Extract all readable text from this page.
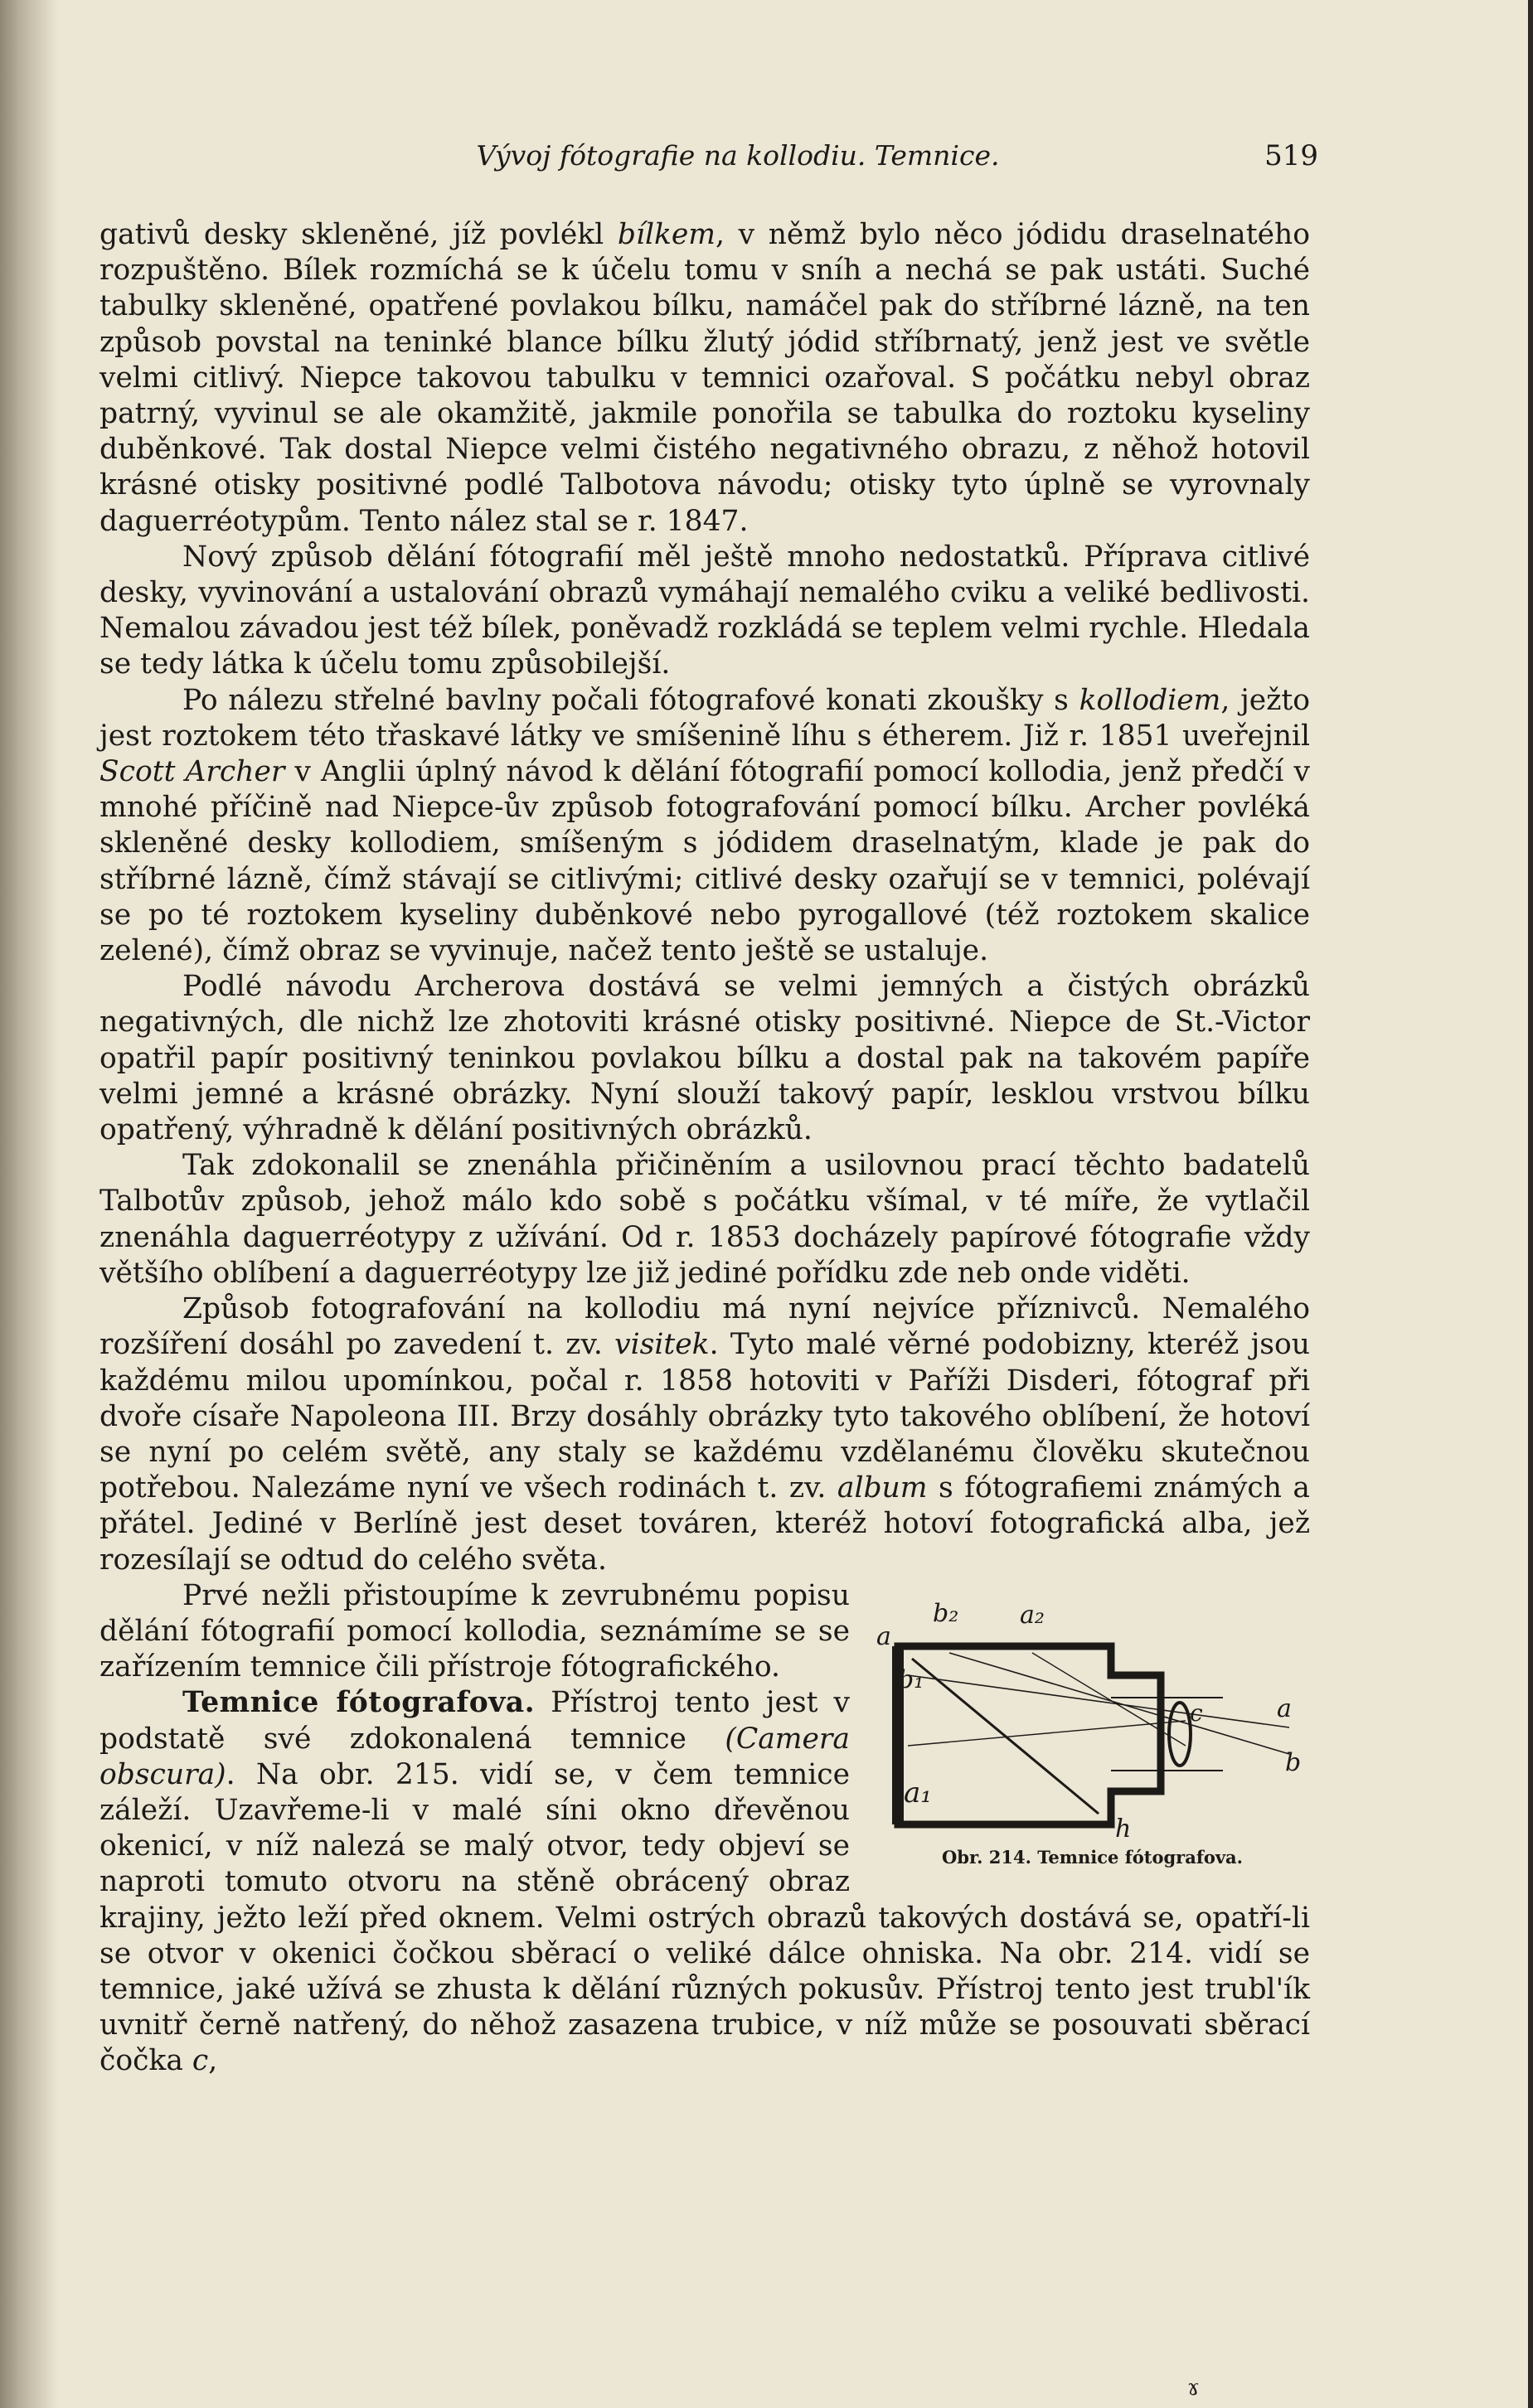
Vývoj fótografie na kollodiu. Temnice.	519

gativů desky skleněné, jíž povlékl bílkem, v němž bylo něco jódidu draselnatého rozpuštěno. Bílek rozmíchá se k účelu tomu v sníh a nechá se pak ustáti. Suché tabulky skleněné, opatřené povlakou bílku, namáčel pak do stříbrné lázně, na ten způsob povstal na teninké blance bílku žlutý jódid stříbrnatý, jenž jest ve světle velmi citlivý. Niepce takovou tabulku v temnici ozařoval. S počátku nebyl obraz patrný, vyvinul se ale okamžitě, jakmile ponořila se tabulka do roztoku kyseliny duběnkové. Tak dostal Niepce velmi čistého negativného obrazu, z něhož hotovil krásné otisky positivné podlé Talbotova návodu; otisky tyto úplně se vyrovnaly daguerréotypům. Tento nález stal se r. 1847.

Nový způsob dělání fótografií měl ještě mnoho nedostatků. Příprava citlivé desky, vyvinování a ustalování obrazů vymáhají nemalého cviku a veliké bedlivosti. Nemalou závadou jest též bílek, poněvadž rozkládá se teplem velmi rychle. Hledala se tedy látka k účelu tomu způsobilejší.

Po nálezu střelné bavlny počali fótografové konati zkoušky s kollodiem, ježto jest roztokem této třaskavé látky ve smíšenině líhu s étherem. Již r. 1851 uveřejnil Scott Archer v Anglii úplný návod k dělání fótografií pomocí kollodia, jenž předčí v mnohé příčině nad Niepce-ův způsob fotografování pomocí bílku. Archer povléká skleněné desky kollodiem, smíšeným s jódidem draselnatým, klade je pak do stříbrné lázně, čímž stávají se citlivými; citlivé desky ozařují se v temnici, polévají se po té roztokem kyseliny duběnkové nebo pyrogallové (též roztokem skalice zelené), čímž obraz se vyvinuje, načež tento ještě se ustaluje.

Podlé návodu Archerova dostává se velmi jemných a čistých obrázků negativných, dle nichž lze zhotoviti krásné otisky positivné. Niepce de St.-Victor opatřil papír positivný teninkou povlakou bílku a dostal pak na takovém papíře velmi jemné a krásné obrázky. Nyní slouží takový papír, lesklou vrstvou bílku opatřený, výhradně k dělání positivných obrázků.

Tak zdokonalil se znenáhla přičiněním a usilovnou prací těchto badatelů Talbotův způsob, jehož málo kdo sobě s počátku všímal, v té míře, že vytlačil znenáhla daguerréotypy z užívání. Od r. 1853 docházely papírové fótografie vždy většího oblíbení a daguerréotypy lze již jediné pořídku zde neb onde viděti.

Způsob fotografování na kollodiu má nyní nejvíce příznivců. Nemalého rozšíření dosáhl po zavedení t. zv. visitek. Tyto malé věrné podobizny, kteréž jsou každému milou upomínkou, počal r. 1858 hotoviti v Paříži Disderi, fótograf při dvoře císaře Napoleona III. Brzy dosáhly obrázky tyto takového oblíbení, že hotoví se nyní po celém světě, any staly se každému vzdělanému člověku skutečnou potřebou. Nalezáme nyní ve všech rodinách t. zv. album s fótografiemi známých a přátel. Jediné v Berlíně jest deset továren, kteréž hotoví fotografická alba, jež rozesílají se odtud do celého světa.

a
b₂ a₂
b₁
c	a
b
a₁
h
Obr. 214. Temnice fótografova.

Prvé nežli přistoupíme k zevrubnému popisu dělání fótografií pomocí kollodia, seznámíme se se zařízením temnice čili přístroje fótografického.

Temnice fótografova. Přístroj tento jest v podstatě své zdokonalená temnice (Camera obscura). Na obr. 215. vidí se, v čem temnice záleží. Uzavřeme-li v malé síni okno dřevěnou okenicí, v níž nalezá se malý otvor, tedy objeví se naproti tomuto otvoru na stěně obrácený obraz krajiny, ježto leží před oknem. Velmi ostrých obrazů takových dostává se, opatří-li se otvor v okenici čočkou sběrací o veliké dálce ohniska. Na obr. 214. vidí se temnice, jaké užívá se zhusta k dělání různých pokusův. Přístroj tento jest trubl'ík uvnitř černě natřený, do něhož zasazena trubice, v níž může se posouvati sběrací čočka c,

ɤ
